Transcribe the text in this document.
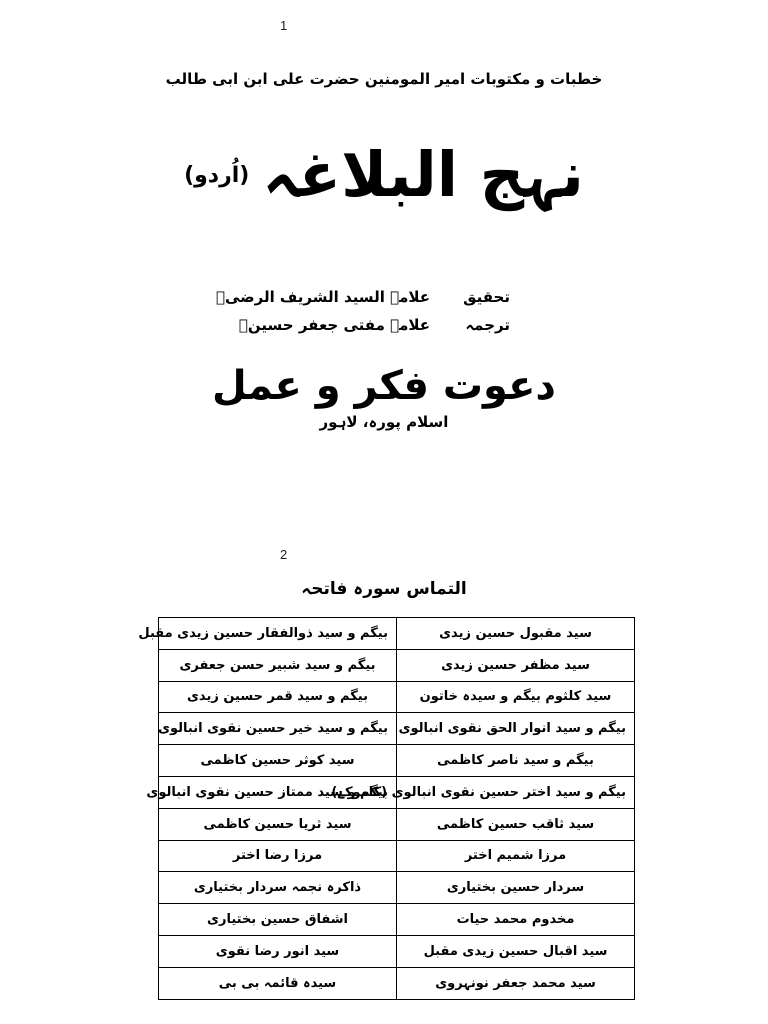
1
خطبات و مکتوبات امیر المومنین حضرت علی ابن ابی طالب
نہج البلاغہ (اُردو)
تحقیق
علامہ السید الشریف الرضیؒ
ترجمہ
علامہ مفتی جعفر حسینؒ
دعوت فکر و عمل
اسلام پورہ، لاہور
2
التماس سورہ فاتحہ
بیگم و سید ذوالفقار حسین زیدی مقبل	سید مقبول حسین زیدی
بیگم و سید شبیر حسن جعفری	سید مظفر حسین زیدی
بیگم و سید قمر حسین زیدی	سید کلثوم بیگم و سیدہ خاتون
بیگم و سید خیر حسین نقوی انبالوی	بیگم و سید انوار الحق نقوی انبالوی
سید کوثر حسین کاظمی	بیگم و سید ناصر کاظمی
بیگم و سید ممتاز حسین نقوی انبالوی	بیگم و سید اختر حسین نقوی انبالوی (کاموکے)
سید ثریا حسین کاظمی	سید ثاقب حسین کاظمی
مرزا رضا اختر	مرزا شمیم اختر
ذاکرہ نجمہ سردار بختیاری	سردار حسین بختیاری
اشفاق حسین بختیاری	مخدوم محمد حیات
سید انور رضا نقوی	سید اقبال حسین زیدی مقبل
سیدہ قائمہ بی بی	سید محمد جعفر نونہروی
